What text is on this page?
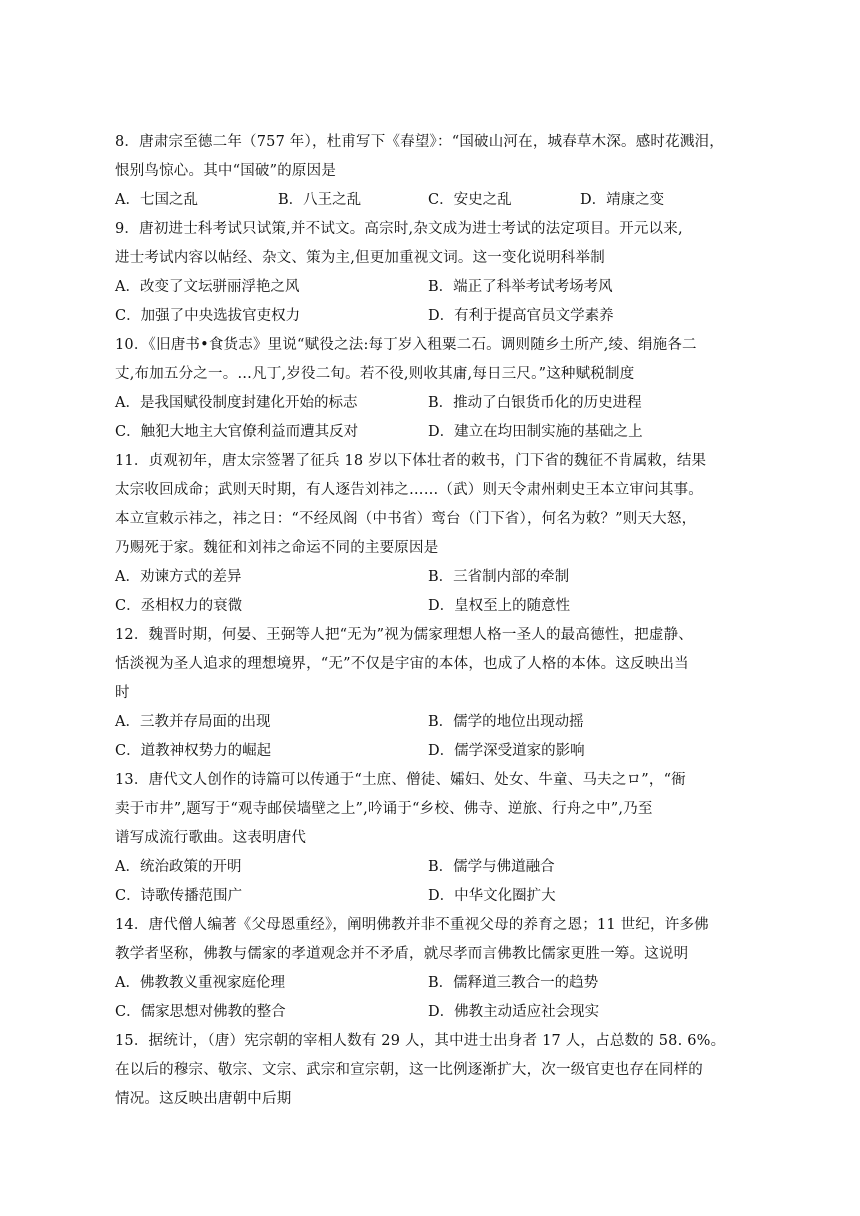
8．唐肃宗至德二年（757 年），杜甫写下《春望》：“国破山河在，城春草木深。感时花溅泪，
恨别鸟惊心。其中“国破”的原因是
A．七国之乱	B．八王之乱	C．安史之乱	D．靖康之变
9．唐初进士科考试只试策,并不试文。高宗时,杂文成为进士考试的法定项目。开元以来,
进士考试内容以帖经、杂文、策为主,但更加重视文词。这一变化说明科举制
A．改变了文坛骈丽浮艳之风	B．端正了科举考试考场考风
C．加强了中央选拔官吏权力	D．有利于提高官员文学素养
10．《旧唐书•食货志》里说“赋役之法:每丁岁入租粟二石。调则随乡土所产,绫、绢施各二
丈,布加五分之一。…凡丁,岁役二旬。若不役,则收其庸,每日三尺。”这种赋税制度
A．是我国赋役制度封建化开始的标志	B．推动了白银货币化的历史进程
C．触犯大地主大官僚利益而遭其反对	D．建立在均田制实施的基础之上
11．贞观初年，唐太宗签署了征兵 18 岁以下体壮者的敕书，门下省的魏征不肯属敕，结果
太宗收回成命；武则天时期，有人逐告刘祎之……（武）则天令肃州刺史王本立审问其事。
本立宣敕示祎之，祎之日：“不经凤阁（中书省）鸾台（门下省），何名为敕？”则天大怒，
乃赐死于家。魏征和刘祎之命运不同的主要原因是
A．劝谏方式的差异	B．三省制内部的牵制
C．丞相权力的衰微	D．皇权至上的随意性
12．魏晋时期，何晏、王弼等人把“无为”视为儒家理想人格一圣人的最高德性，把虚静、
恬淡视为圣人追求的理想境界，“无”不仅是宇宙的本体，也成了人格的本体。这反映出当
时
A．三教并存局面的出现	B．儒学的地位出现动摇
C．道教神权势力的崛起	D．儒学深受道家的影响
13．唐代文人创作的诗篇可以传通于“土庶、僧徒、孀妇、处女、牛童、马夫之ロ”，“衙
卖于市井”,题写于“观寺邮侯墙壁之上”,吟诵于“乡校、佛寺、逆旅、行舟之中”,乃至
谱写成流行歌曲。这表明唐代
A．统治政策的开明	B．儒学与佛道融合
C．诗歌传播范围广	D．中华文化圈扩大
14．唐代僧人编著《父母恩重经》，阐明佛教并非不重视父母的养育之恩；11 世纪，许多佛
教学者坚称，佛教与儒家的孝道观念并不矛盾，就尽孝而言佛教比儒家更胜一筹。这说明
A．佛教教义重视家庭伦理	B．儒释道三教合一的趋势
C．儒家思想对佛教的整合	D．佛教主动适应社会现实
15．据统计，（唐）宪宗朝的宰相人数有 29 人，其中进士出身者 17 人，占总数的 58. 6%。
在以后的穆宗、敬宗、文宗、武宗和宣宗朝，这一比例逐渐扩大，次一级官吏也存在同样的
情况。这反映出唐朝中后期
